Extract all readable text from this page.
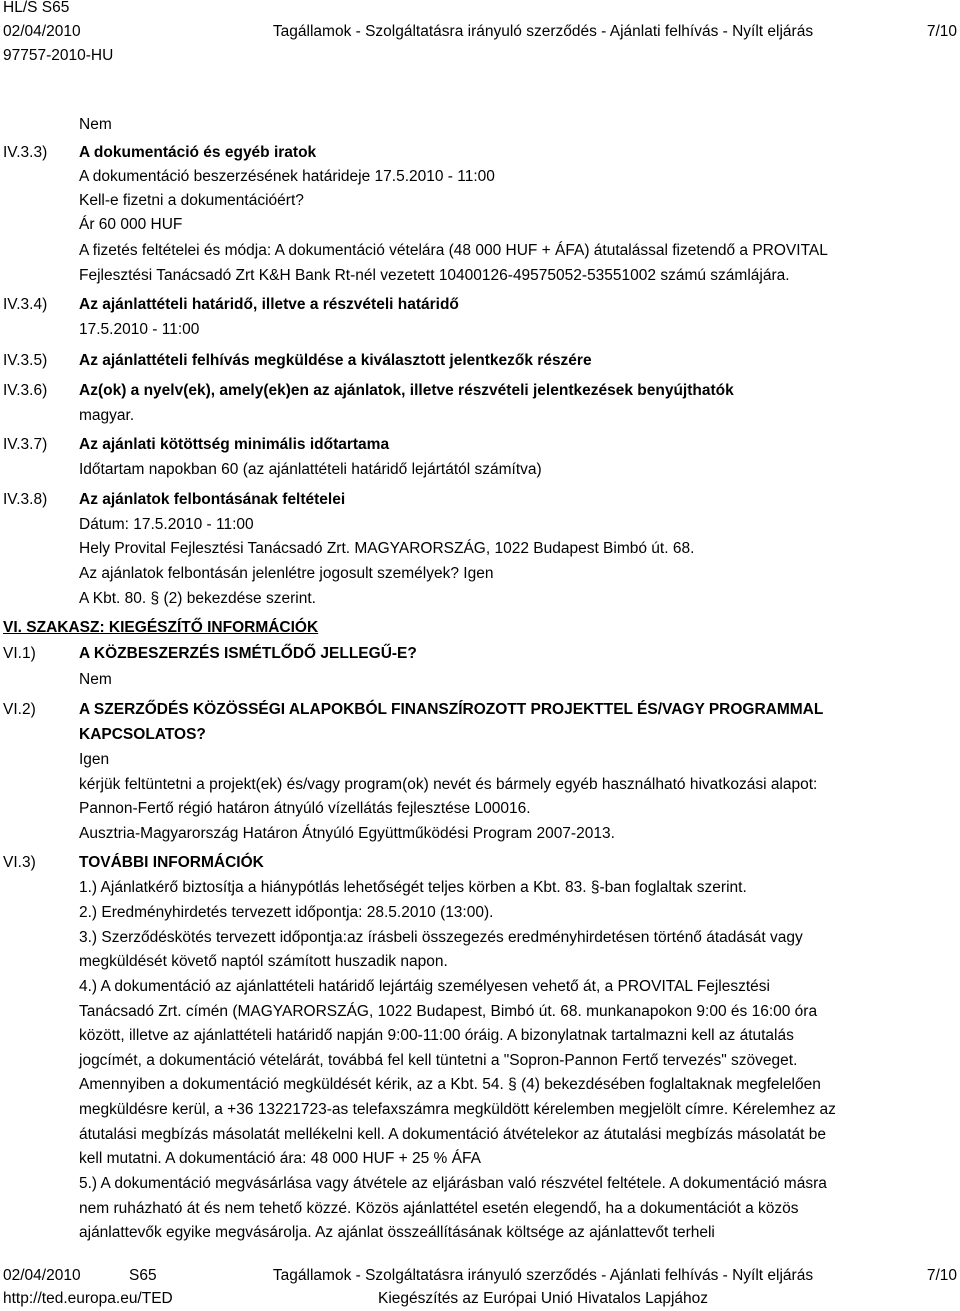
HL/S S65
02/04/2010	Tagállamok - Szolgáltatásra irányuló szerződés - Ajánlati felhívás - Nyílt eljárás	7/10
97757-2010-HU
Nem
IV.3.3)	A dokumentáció és egyéb iratok
A dokumentáció beszerzésének határideje 17.5.2010 - 11:00
Kell-e fizetni a dokumentációért?
Ár 60 000 HUF
A fizetés feltételei és módja: A dokumentáció vételára (48 000 HUF + ÁFA) átutalással fizetendő a PROVITAL
Fejlesztési Tanácsadó Zrt K&H Bank Rt-nél vezetett 10400126-49575052-53551002 számú számlájára.
IV.3.4)	Az ajánlattételi határidő, illetve a részvételi határidő
17.5.2010 - 11:00
IV.3.5)	Az ajánlattételi felhívás megküldése a kiválasztott jelentkezők részére
IV.3.6)	Az(ok) a nyelv(ek), amely(ek)en az ajánlatok, illetve részvételi jelentkezések benyújthatók
magyar.
IV.3.7)	Az ajánlati kötöttség minimális időtartama
Időtartam napokban 60 (az ajánlattételi határidő lejártától számítva)
IV.3.8)	Az ajánlatok felbontásának feltételei
Dátum: 17.5.2010 - 11:00
Hely Provital Fejlesztési Tanácsadó Zrt. MAGYARORSZÁG, 1022 Budapest Bimbó út. 68.
Az ajánlatok felbontásán jelenlétre jogosult személyek? Igen
A Kbt. 80. § (2) bekezdése szerint.
VI. SZAKASZ: KIEGÉSZÍTŐ INFORMÁCIÓK
VI.1)	A KÖZBESZERZÉS ISMÉTLŐDŐ JELLEGŰ-E?
Nem
VI.2)	A SZERZŐDÉS KÖZÖSSÉGI ALAPOKBÓL FINANSZÍROZOTT PROJEKTTEL ÉS/VAGY PROGRAMMAL
KAPCSOLATOS?
Igen
kérjük feltüntetni a projekt(ek) és/vagy program(ok) nevét és bármely egyéb használható hivatkozási alapot:
Pannon-Fertő régió határon átnyúló vízellátás fejlesztése L00016.
Ausztria-Magyarország Határon Átnyúló Együttműködési Program 2007-2013.
VI.3)	TOVÁBBI INFORMÁCIÓK
1.) Ajánlatkérő biztosítja a hiánypótlás lehetőségét teljes körben a Kbt. 83. §-ban foglaltak szerint.
2.) Eredményhirdetés tervezett időpontja: 28.5.2010 (13:00).
3.) Szerződéskötés tervezett időpontja:az írásbeli összegezés eredményhirdetésen történő átadását vagy
megküldését követő naptól számított huszadik napon.
4.) A dokumentáció az ajánlattételi határidő lejártáig személyesen vehető át, a PROVITAL Fejlesztési
Tanácsadó Zrt. címén (MAGYARORSZÁG, 1022 Budapest, Bimbó út. 68. munkanapokon 9:00 és 16:00 óra
között, illetve az ajánlattételi határidő napján 9:00-11:00 óráig. A bizonylatnak tartalmazni kell az átutalás
jogcímét, a dokumentáció vételárát, továbbá fel kell tüntetni a "Sopron-Pannon Fertő tervezés" szöveget.
Amennyiben a dokumentáció megküldését kérik, az a Kbt. 54. § (4) bekezdésében foglaltaknak megfelelően
megküldésre kerül, a +36 13221723-as telefaxszámra megküldött kérelemben megjelölt címre. Kérelemhez az
átutalási megbízás másolatát mellékelni kell. A dokumentáció átvételekor az átutalási megbízás másolatát be
kell mutatni. A dokumentáció ára: 48 000 HUF + 25 % ÁFA
5.) A dokumentáció megvásárlása vagy átvétele az eljárásban való részvétel feltétele. A dokumentáció másra
nem ruházható át és nem tehető közzé. Közös ajánlattétel esetén elegendő, ha a dokumentációt a közös
ajánlattevők egyike megvásárolja. Az ajánlat összeállításának költsége az ajánlattevőt terheli
02/04/2010	S65	Tagállamok - Szolgáltatásra irányuló szerződés - Ajánlati felhívás - Nyílt eljárás	7/10
http://ted.europa.eu/TED	Kiegészítés az Európai Unió Hivatalos Lapjához
